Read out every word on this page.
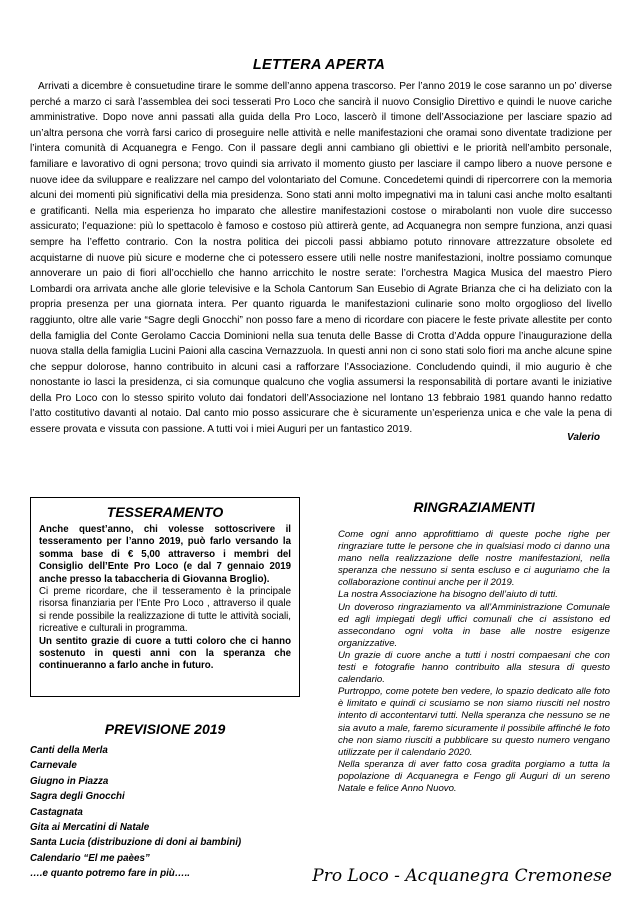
LETTERA APERTA

Arrivati a dicembre è consuetudine tirare le somme dell’anno appena trascorso. Per l’anno 2019 le cose saranno un po’ diverse perché a marzo ci sarà l’assemblea dei soci tesserati Pro Loco che sancirà il nuovo Consiglio Direttivo e quindi le nuove cariche amministrative. Dopo nove anni passati alla guida della Pro Loco, lascerò il timone dell’Associazione per lasciare spazio ad un’altra persona che vorrà farsi carico di proseguire nelle attività e nelle manifestazioni che oramai sono diventate tradizione per l’intera comunità di Acquanegra e Fengo. Con il passare degli anni cambiano gli obiettivi e le priorità nell’ambito personale, familiare e lavorativo di ogni persona; trovo quindi sia arrivato il momento giusto per lasciare il campo libero a nuove persone e nuove idee da sviluppare e realizzare nel campo del volontariato del Comune. Concedetemi quindi di ripercorrere con la memoria alcuni dei momenti più significativi della mia presidenza. Sono stati anni molto impegnativi ma in taluni casi anche molto esaltanti e gratificanti. Nella mia esperienza ho imparato che allestire manifestazioni costose o mirabolanti non vuole dire successo assicurato; l’equazione: più lo spettacolo è famoso e costoso più attirerà gente, ad Acquanegra non sempre funziona, anzi quasi sempre ha l’effetto contrario. Con la nostra politica dei piccoli passi abbiamo potuto rinnovare attrezzature obsolete ed acquistarne di nuove più sicure e moderne che ci potessero essere utili nelle nostre manifestazioni, inoltre possiamo comunque annoverare un paio di fiori all’occhiello che hanno arricchito le nostre serate: l’orchestra Magica Musica del maestro Piero Lombardi ora arrivata anche alle glorie televisive e la Schola Cantorum San Eusebio di Agrate Brianza che ci ha deliziato con la propria presenza per una giornata intera. Per quanto riguarda le manifestazioni culinarie sono molto orgoglioso del livello raggiunto, oltre alle varie “Sagre degli Gnocchi” non posso fare a meno di ricordare con piacere le feste private allestite per conto della famiglia del Conte Gerolamo Caccia Dominioni nella sua tenuta delle Basse di Crotta d’Adda oppure l’inaugurazione della nuova stalla della famiglia Lucini Paioni alla cascina Vernazzuola. In questi anni non ci sono stati solo fiori ma anche alcune spine che seppur dolorose, hanno contribuito in alcuni casi a rafforzare l’Associazione. Concludendo quindi, il mio augurio è che nonostante io lasci la presidenza, ci sia comunque qualcuno che voglia assumersi la responsabilità di portare avanti le iniziative della Pro Loco con lo stesso spirito voluto dai fondatori dell’Associazione nel lontano 13 febbraio 1981 quando hanno redatto l’atto costitutivo davanti al notaio. Dal canto mio posso assicurare che è sicuramente un’esperienza unica e che vale la pena di essere provata e vissuta con passione. A tutti voi i miei Auguri per un fantastico 2019.

Valerio
TESSERAMENTO

Anche quest’anno, chi volesse sottoscrivere il tesseramento per l’anno 2019, può farlo versando la somma base di € 5,00 attraverso i membri del Consiglio dell’Ente Pro Loco (e dal 7 gennaio 2019 anche presso la tabaccheria di Giovanna Broglio).

Ci preme ricordare, che il tesseramento è la principale risorsa finanziaria per l’Ente Pro Loco , attraverso il quale si rende possibile la realizzazione di tutte le attività sociali, ricreative e culturali in programma.

Un sentito grazie di cuore a tutti coloro che ci hanno sostenuto in questi anni con la speranza che continueranno a farlo anche in futuro.

PREVISIONE 2019
Canti della Merla
Carnevale
Giugno in Piazza
Sagra degli Gnocchi
Castagnata
Gita ai Mercatini di Natale
Santa Lucia (distribuzione di doni ai bambini)
Calendario “El me paèes”
….e quanto potremo fare in più…..
RINGRAZIAMENTI

Come ogni anno approfittiamo di queste poche righe per ringraziare tutte le persone che in qualsiasi modo ci danno una mano nella realizzazione delle nostre manifestazioni, nella speranza che nessuno si senta escluso e ci auguriamo che la collaborazione continui anche per il 2019.

La nostra Associazione ha bisogno dell’aiuto di tutti.

Un doveroso ringraziamento va all’Amministrazione Comunale ed agli impiegati degli uffici comunali che ci assistono ed assecondano ogni volta in base alle nostre esigenze organizzative.

Un grazie di cuore anche a tutti i nostri compaesani che con testi e fotografie hanno contribuito alla stesura di questo calendario.

Purtroppo, come potete ben vedere, lo spazio dedicato alle foto è limitato e quindi ci scusiamo se non siamo riusciti nel nostro intento di accontentarvi tutti. Nella speranza che nessuno se ne sia avuto a male, faremo sicuramente il possibile affinché le foto che non siamo riusciti a pubblicare su questo numero vengano utilizzate per il calendario 2020.

Nella speranza di aver fatto cosa gradita porgiamo a tutta la popolazione di Acquanegra e Fengo gli Auguri di un sereno Natale e felice Anno Nuovo.

Pro Loco - Acquanegra Cremonese
